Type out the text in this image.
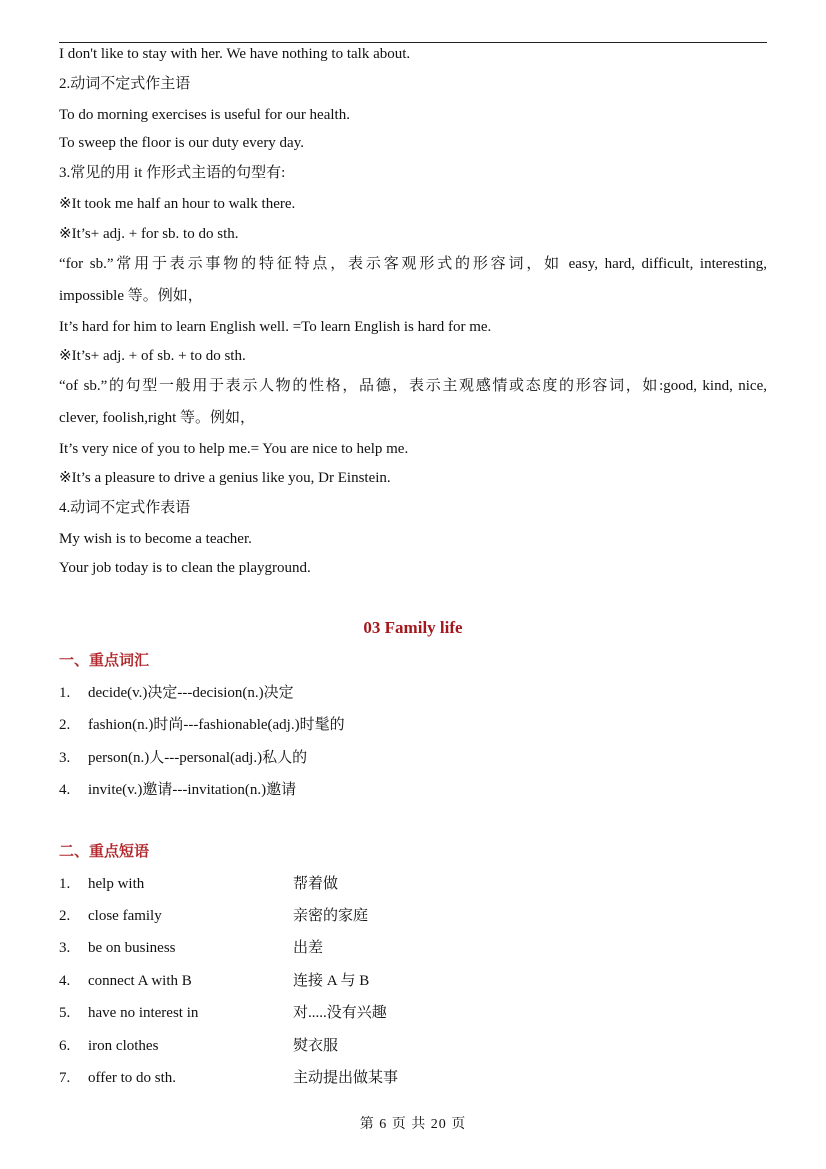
I don't like to stay with her. We have nothing to talk about.
2.动词不定式作主语
To do morning exercises is useful for our health.
To sweep the floor is our duty every day.
3.常见的用 it 作形式主语的句型有:
※It took me half an hour to walk there.
※It’s+ adj. + for sb. to do sth.
“for sb.”常用于表示事物的特征特点，表示客观形式的形容词，如 easy, hard, difficult, interesting,
impossible 等。例如，
It’s hard for him to learn English well. =To learn English is hard for me.
※It’s+ adj. + of sb. + to do sth.
“of sb.”的句型一般用于表示人物的性格，品德，表示主观感情或态度的形容词，如:good, kind, nice,
clever, foolish,right 等。例如，
It’s very nice of you to help me.= You are nice to help me.
※It’s a pleasure to drive a genius like you, Dr Einstein.
4.动词不定式作表语
My wish is to become a teacher.
Your job today is to clean the playground.
03 Family life
一、重点词汇
1. decide(v.)决定---decision(n.)决定
2. fashion(n.)时尚---fashionable(adj.)时髦的
3. person(n.)人---personal(adj.)私人的
4. invite(v.)邀请---invitation(n.)邀请
二、重点短语
1. help with	帮着做
2. close family	亲密的家庭
3. be on business	出差
4. connect A with B	连接 A 与 B
5. have no interest in	对.....没有兴趣
6. iron clothes	熨衣服
7. offer to do sth.	主动提出做某事
第 6 页 共 20 页
